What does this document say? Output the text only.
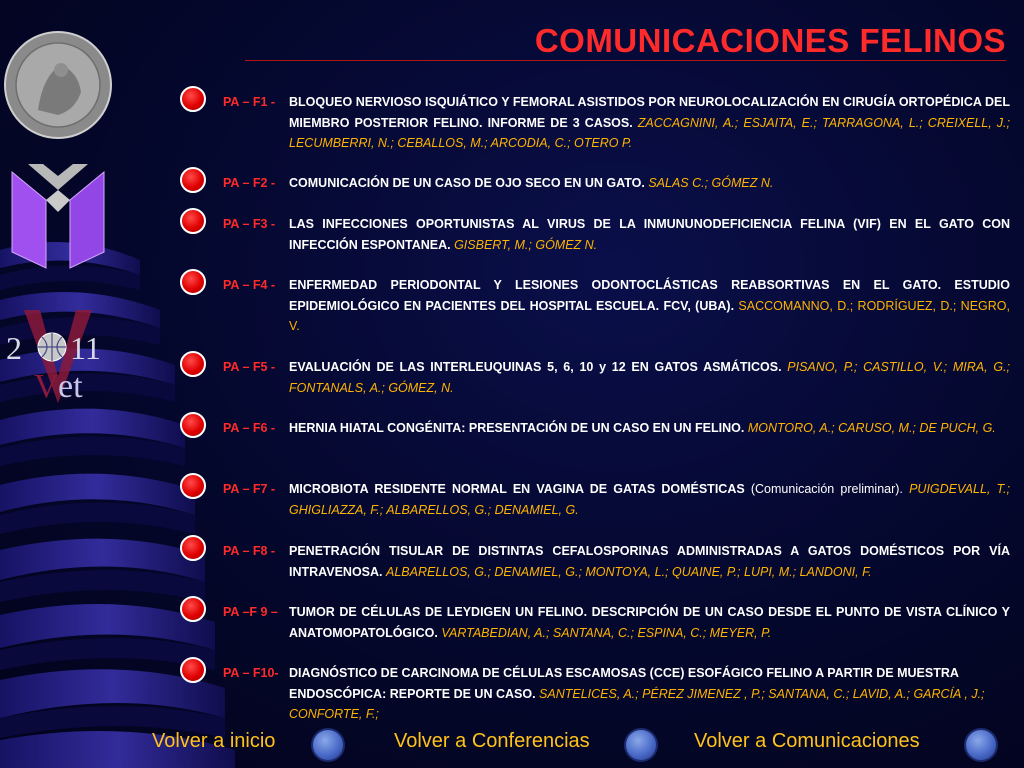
2 11
V et
COMUNICACIONES FELINOS
PA – F1 - BLOQUEO NERVIOSO ISQUIÁTICO Y FEMORAL ASISTIDOS POR NEUROLOCALIZACIÓN EN CIRUGÍA ORTOPÉDICA DEL MIEMBRO POSTERIOR FELINO. INFORME DE 3 CASOS. ZACCAGNINI, A.; ESJAITA, E.; TARRAGONA, L.; CREIXELL, J.; LECUMBERRI, N.; CEBALLOS, M.; ARCODIA, C.; OTERO P.
PA – F2 - COMUNICACIÓN DE UN CASO DE OJO SECO EN UN GATO. SALAS C.; GÓMEZ N.
PA – F3 - LAS INFECCIONES OPORTUNISTAS AL VIRUS DE LA INMUNUNODEFICIENCIA FELINA (VIF) EN EL GATO CON INFECCIÓN ESPONTANEA. GISBERT, M.; GÓMEZ N.
PA – F4 - ENFERMEDAD PERIODONTAL Y LESIONES ODONTOCLÁSTICAS REABSORTIVAS EN EL GATO. ESTUDIO EPIDEMIOLÓGICO EN PACIENTES DEL HOSPITAL ESCUELA. FCV, (UBA). SACCOMANNO, D.; RODRÍGUEZ, D.; NEGRO, V.
PA – F5 - EVALUACIÓN DE LAS INTERLEUQUINAS 5, 6, 10 y 12 EN GATOS ASMÁTICOS. PISANO, P.; CASTILLO, V.; MIRA, G.; FONTANALS, A.; GÓMEZ, N.
PA – F6 - HERNIA HIATAL CONGÉNITA: PRESENTACIÓN DE UN CASO EN UN FELINO. MONTORO, A.; CARUSO, M.; DE PUCH, G.
PA – F7 - MICROBIOTA RESIDENTE NORMAL EN VAGINA DE GATAS DOMÉSTICAS (Comunicación preliminar). PUIGDEVALL, T.; GHIGLIAZZA, F.; ALBARELLOS, G.; DENAMIEL, G.
PA – F8 - PENETRACIÓN TISULAR DE DISTINTAS CEFALOSPORINAS ADMINISTRADAS A GATOS DOMÉSTICOS POR VÍA INTRAVENOSA. ALBARELLOS, G.; DENAMIEL, G.; MONTOYA, L.; QUAINE, P.; LUPI, M.; LANDONI, F.
PA –F 9 – TUMOR DE CÉLULAS DE LEYDIGEN UN FELINO. DESCRIPCIÓN DE UN CASO DESDE EL PUNTO DE VISTA CLÍNICO Y ANATOMOPATOLÓGICO. VARTABEDIAN, A.; SANTANA, C.; ESPINA, C.; MEYER, P.
PA – F10- DIAGNÓSTICO DE CARCINOMA DE CÉLULAS ESCAMOSAS (CCE) ESOFÁGICO FELINO A PARTIR DE MUESTRA ENDOSCÓPICA: REPORTE DE UN CASO. SANTELICES, A.; PÉREZ JIMENEZ , P.; SANTANA, C.; LAVID, A.; GARCÍA , J.; CONFORTE, F.;
Volver a inicio	Volver a Conferencias	Volver a Comunicaciones
